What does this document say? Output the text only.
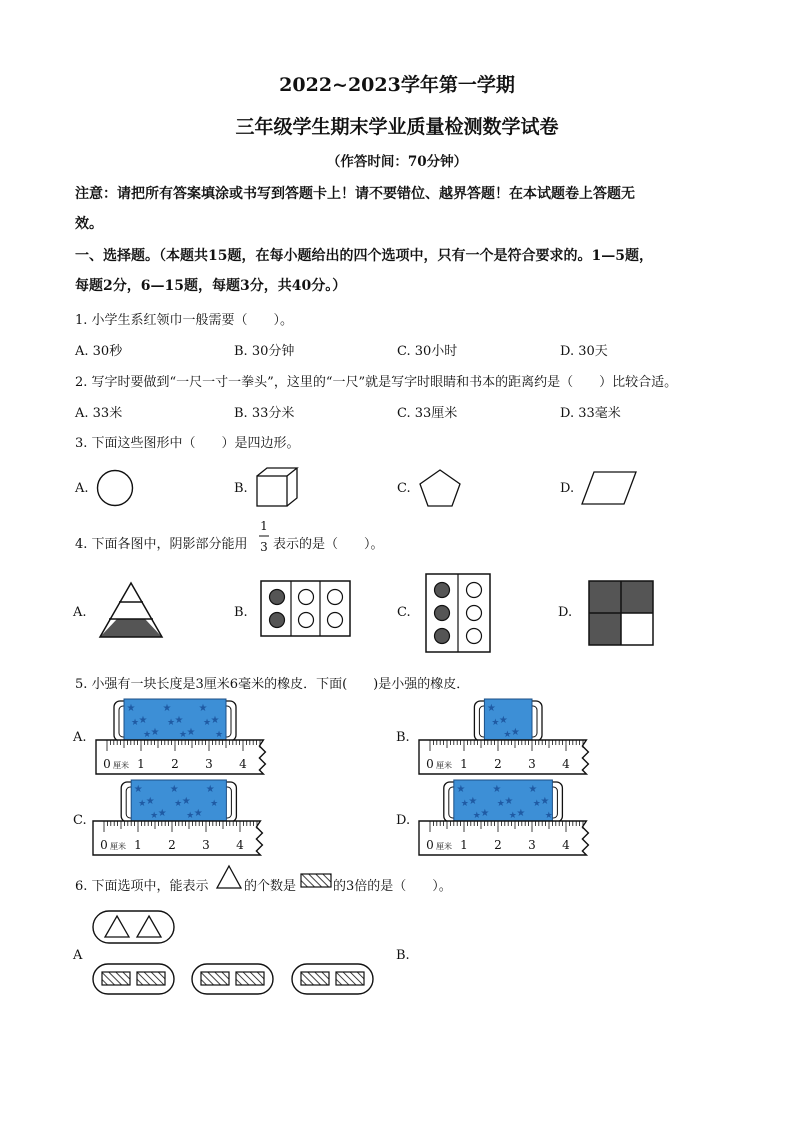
2022~2023学年第一学期
三年级学生期末学业质量检测数学试卷
（作答时间：70分钟）
注意：请把所有答案填涂或书写到答题卡上！请不要错位、越界答题！在本试题卷上答题无
效。
一、选择题。（本题共15题，在每小题给出的四个选项中，只有一个是符合要求的。1—5题，
每题2分，6—15题，每题3分，共40分。）
1. 小学生系红领巾一般需要（　　）。
A. 30秒	B. 30分钟	C. 30小时	D. 30天
2. 写字时要做到“一尺一寸一拳头”，这里的“一尺”就是写字时眼睛和书本的距离约是（　　）比较合适。
A. 33米	B. 33分米	C. 33厘米	D. 33毫米
3. 下面这些图形中（　　）是四边形。
A.	B.	C.	D.
4. 下面各图中，阴影部分能用
1
3 表示的是（　　）。
A.	B.	C.	D.
5. 小强有一块长度是3厘米6毫米的橡皮．下面(　　)是小强的橡皮．
A.	B.
C.	D.
★
★ ★
★ ★
★
★ ★
★ ★
★
★ ★
★
0 1 2 3 4
厘米
★
★ ★
★ ★
0 1 2 3 4
厘米
★
★ ★
★ ★
★
★ ★
★ ★
★
★
0 1 2 3 4
厘米
★
★ ★
★ ★
★
★ ★
★ ★
★
★ ★
★
0 1 2 3 4
厘米
6. 下面选项中，能表示	的个数是	的3倍的是（　　）。
A	B.
